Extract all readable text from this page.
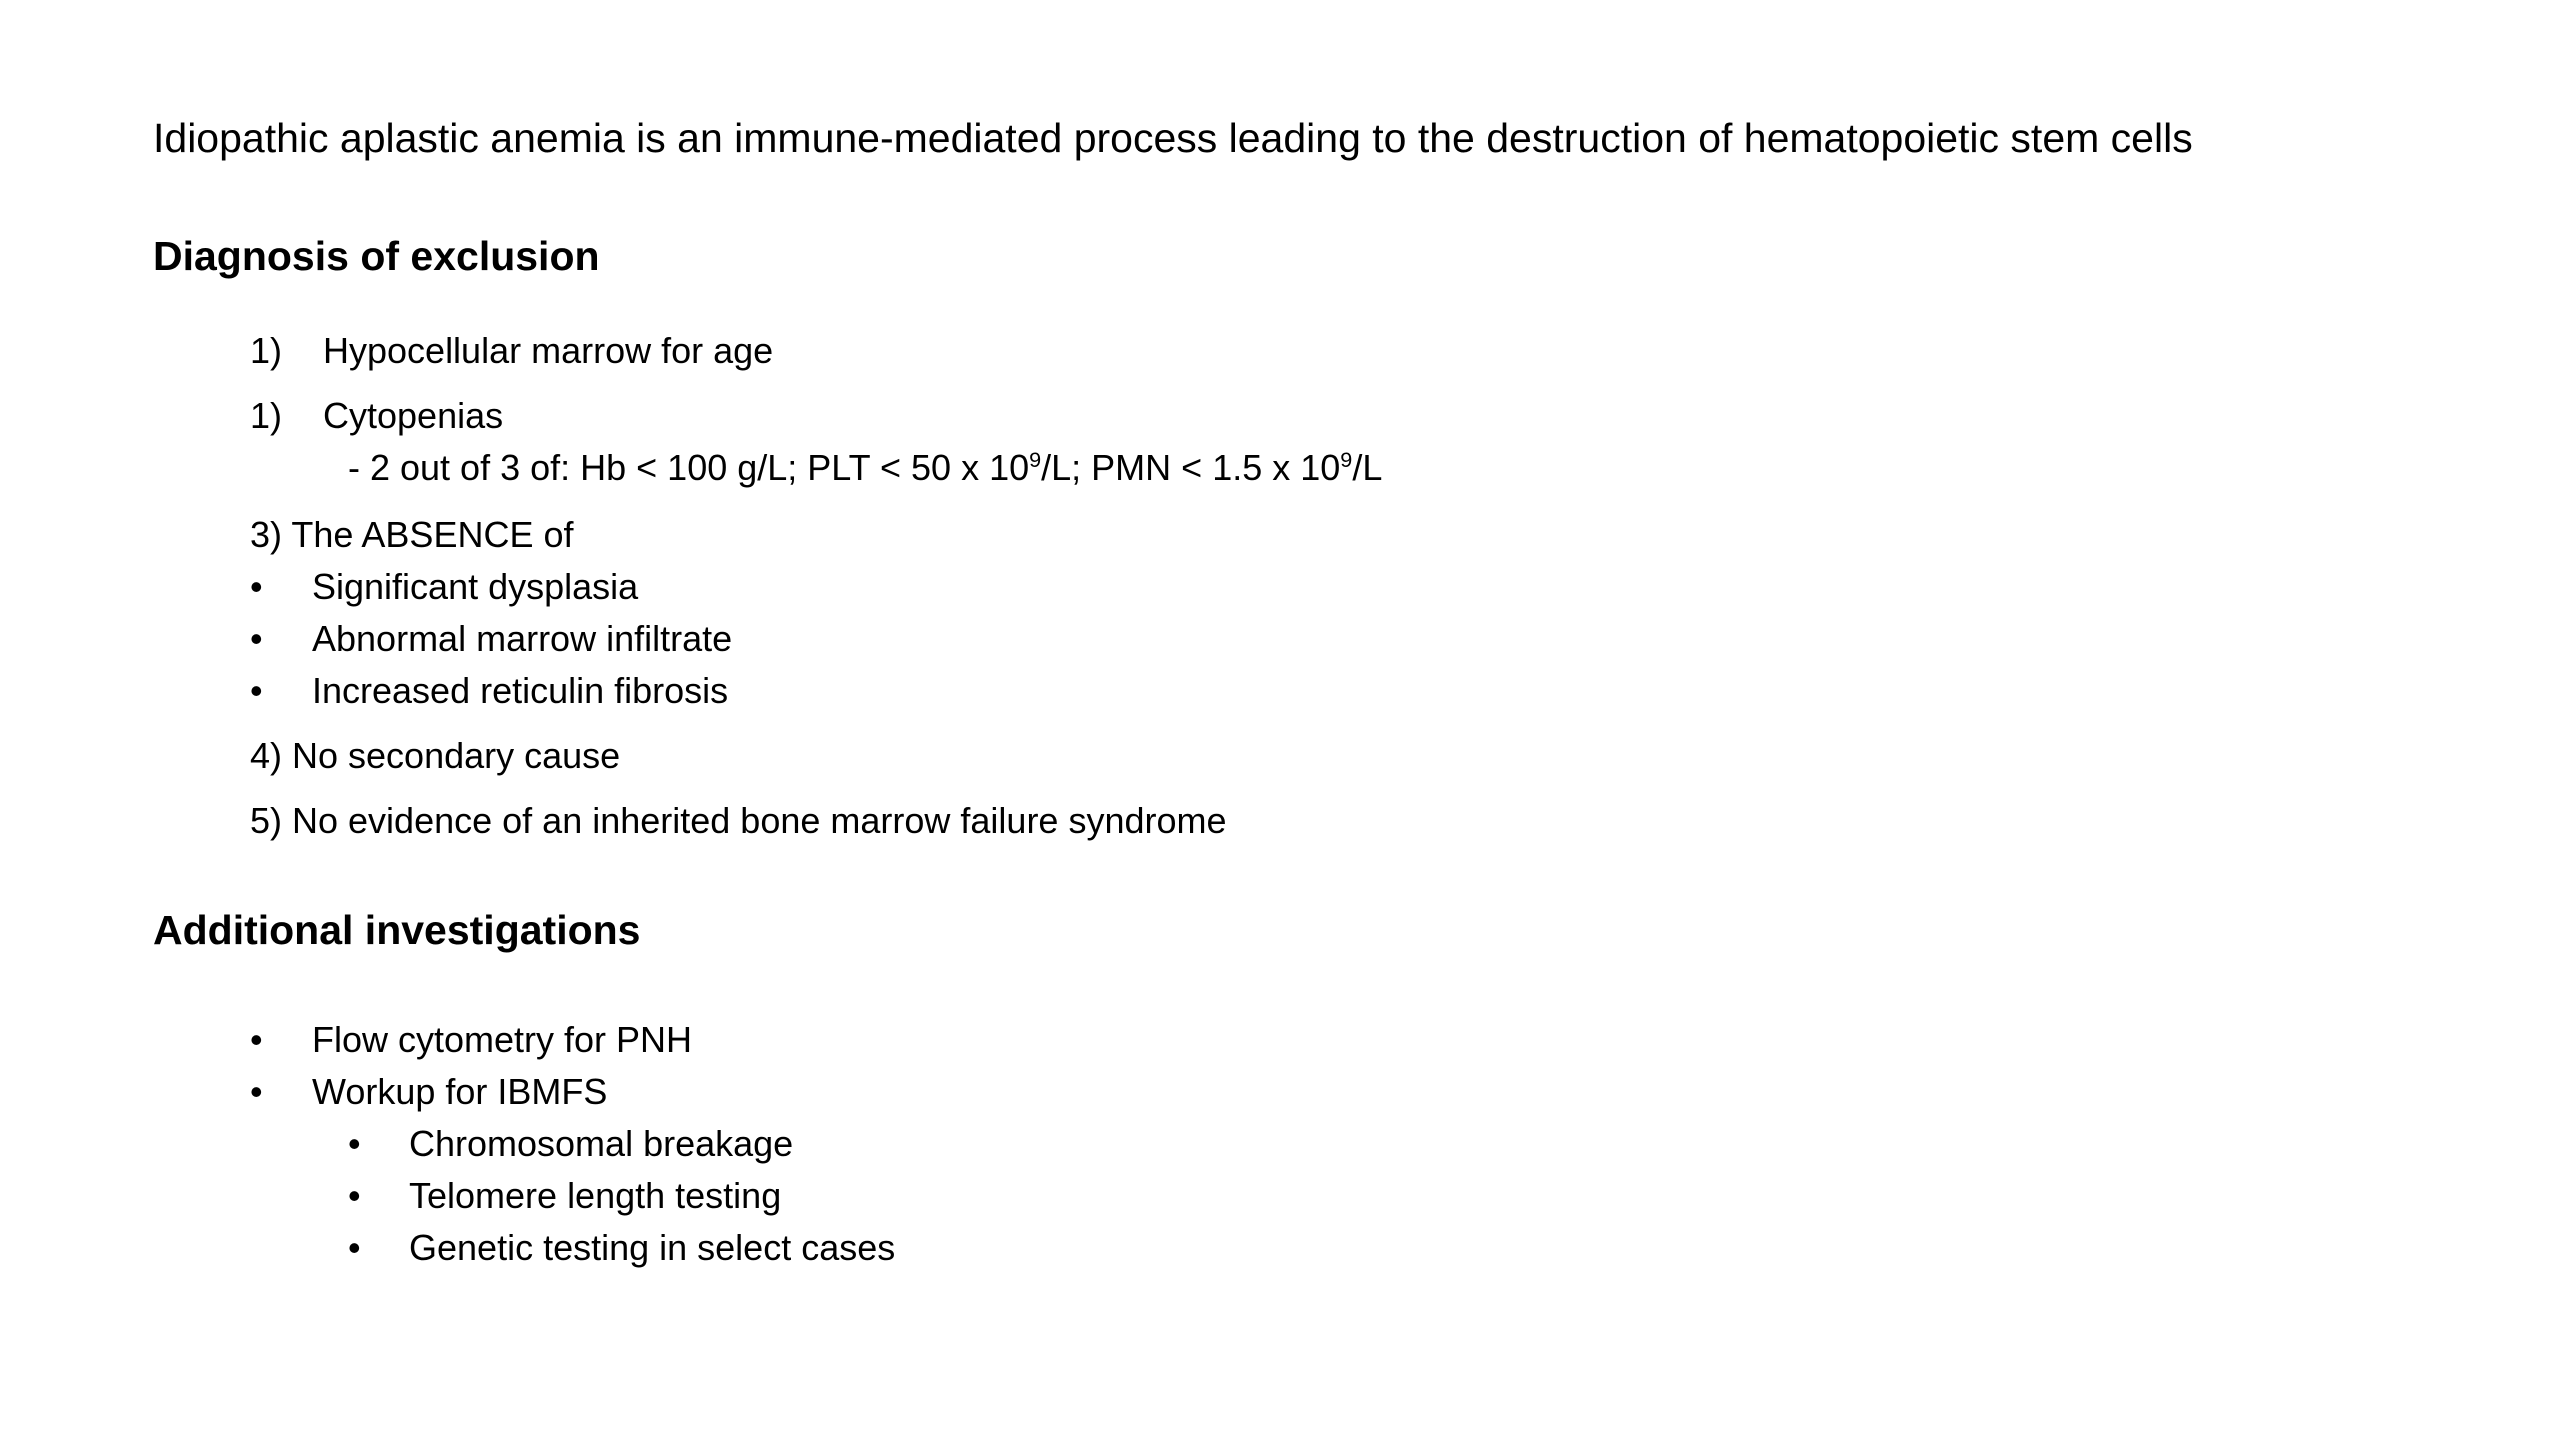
Idiopathic aplastic anemia is an immune-mediated process leading to the destruction of hematopoietic stem cells
Diagnosis of exclusion
1) Hypocellular marrow for age
1) Cytopenias
- 2 out of 3 of: Hb < 100 g/L; PLT < 50 x $10^9/L$; PMN < 1.5 x $10^9/L$
3) The ABSENCE of
• Significant dysplasia
• Abnormal marrow infiltrate
• Increased reticulin fibrosis
4) No secondary cause
5) No evidence of an inherited bone marrow failure syndrome
Additional investigations
• Flow cytometry for PNH
• Workup for IBMFS
• Chromosomal breakage
• Telomere length testing
• Genetic testing in select cases
